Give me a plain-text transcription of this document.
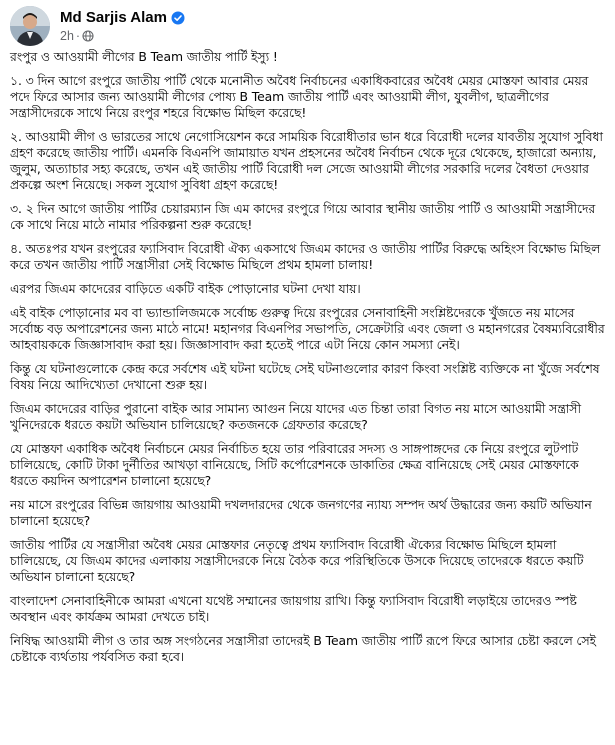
Md Sarjis Alam
2h ·

রংপুর ও আওয়ামী লীগের B Team জাতীয় পার্টি ইস্যু !

১. ৩ দিন আগে রংপুরে জাতীয় পার্টি থেকে মনোনীত অবৈধ নির্বাচনের একাধিকবারের অবৈধ মেয়র মোস্তফা আবার মেয়র পদে ফিরে আসার জন্য আওয়ামী লীগের পোষ্য B Team জাতীয় পার্টি এবং আওয়ামী লীগ, যুবলীগ, ছাত্রলীগের সন্ত্রাসীদেরকে সাথে নিয়ে রংপুর শহরে বিক্ষোভ মিছিল করেছে!

২. আওয়ামী লীগ ও ভারতের সাথে নেগোসিয়েশন করে সাময়িক বিরোধীতার ভান ধরে বিরোধী দলের যাবতীয় সুযোগ সুবিধা গ্রহণ করেছে জাতীয় পার্টি। এমনকি বিএনপি জামায়াত যখন প্রহসনের অবৈধ নির্বাচন থেকে দূরে থেকেছে, হাজারো অন্যায়, জুলুম, অত্যাচার সহ্য করেছে, তখন এই জাতীয় পার্টি বিরোধী দল সেজে আওয়ামী লীগের সরকারি দলের বৈধতা দেওয়ার প্রকল্পে অংশ নিয়েছে। সকল সুযোগ সুবিধা গ্রহণ করেছে!

৩. ২ দিন আগে জাতীয় পার্টির চেয়ারম্যান জি এম কাদের রংপুরে গিয়ে আবার স্থানীয় জাতীয় পার্টি ও আওয়ামী সন্ত্রাসীদের কে সাথে নিয়ে মাঠে নামার পরিকল্পনা শুরু করেছে!

৪. অতঃপর যখন রংপুরের ফ্যাসিবাদ বিরোধী ঐক্য একসাথে জিএম কাদের ও জাতীয় পার্টির বিরুদ্ধে অহিংস বিক্ষোভ মিছিল করে তখন জাতীয় পার্টি সন্ত্রাসীরা সেই বিক্ষোভ মিছিলে প্রথম হামলা চালায়!

এরপর জিএম কাদেরের বাড়িতে একটি বাইক পোড়ানোর ঘটনা দেখা যায়।

এই বাইক পোড়ানোর মব বা ভ্যান্ডালিজমকে সর্বোচ্চ গুরুত্ব দিয়ে রংপুরের সেনাবাহিনী সংশ্লিষ্টদেরকে খুঁজতে নয় মাসের সর্বোচ্চ বড় অপারেশনের জন্য মাঠে নামে! মহানগর বিএনপির সভাপতি, সেক্রেটারি এবং জেলা ও মহানগরের বৈষম্যবিরোধীর আহবায়ককে জিজ্ঞাসাবাদ করা হয়। জিজ্ঞাসাবাদ করা হতেই পারে এটা নিয়ে কোন সমস্যা নেই।

কিন্তু যে ঘটনাগুলোকে কেন্দ্র করে সর্বশেষ এই ঘটনা ঘটেছে সেই ঘটনাগুলোর কারণ কিংবা সংশ্লিষ্ট ব্যক্তিকে না খুঁজে সর্বশেষ বিষয় নিয়ে আদিখ্যেতা দেখানো শুরু হয়।

জিএম কাদেরের বাড়ির পুরানো বাইক আর সামান্য আগুন নিয়ে যাদের এত চিন্তা তারা বিগত নয় মাসে আওয়ামী সন্ত্রাসী খুনিদেরকে ধরতে কয়টা অভিযান চালিয়েছে? কতজনকে গ্রেফতার করেছে?

যে মোস্তফা একাধিক অবৈধ নির্বাচনে মেয়র নির্বাচিত হয়ে তার পরিবারের সদস্য ও সাঙ্গপাঙ্গদের কে নিয়ে রংপুরে লুটপাট চালিয়েছে, কোটি টাকা দুর্নীতির আখড়া বানিয়েছে, সিটি কর্পোরেশনকে ডাকাতির ক্ষেত্র বানিয়েছে সেই মেয়র মোস্তফাকে ধরতে কয়দিন অপারেশন চালানো হয়েছে?

নয় মাসে রংপুরের বিভিন্ন জায়গায় আওয়ামী দখলদারদের থেকে জনগণের ন্যায্য সম্পদ অর্থ উদ্ধারের জন্য কয়টি অভিযান চালানো হয়েছে?

জাতীয় পার্টির যে সন্ত্রাসীরা অবৈধ মেয়র মোস্তফার নেতৃত্বে প্রথম ফ্যাসিবাদ বিরোধী ঐক্যের বিক্ষোভ মিছিলে হামলা চালিয়েছে, যে জিএম কাদের এলাকায় সন্ত্রাসীদেরকে নিয়ে বৈঠক করে পরিস্থিতিকে উসকে দিয়েছে তাদেরকে ধরতে কয়টি অভিযান চালানো হয়েছে?

বাংলাদেশ সেনাবাহিনীকে আমরা এখনো যথেষ্ট সম্মানের জায়গায় রাখি। কিন্তু ফ্যাসিবাদ বিরোধী লড়াইয়ে তাদেরও স্পষ্ট অবস্থান এবং কার্যক্রম আমরা দেখতে চাই।

নিষিদ্ধ আওয়ামী লীগ ও তার অঙ্গ সংগঠনের সন্ত্রাসীরা তাদেরই B Team জাতীয় পার্টি রূপে ফিরে আসার চেষ্টা করলে সেই চেষ্টাকে ব্যর্থতায় পর্যবসিত করা হবে।
